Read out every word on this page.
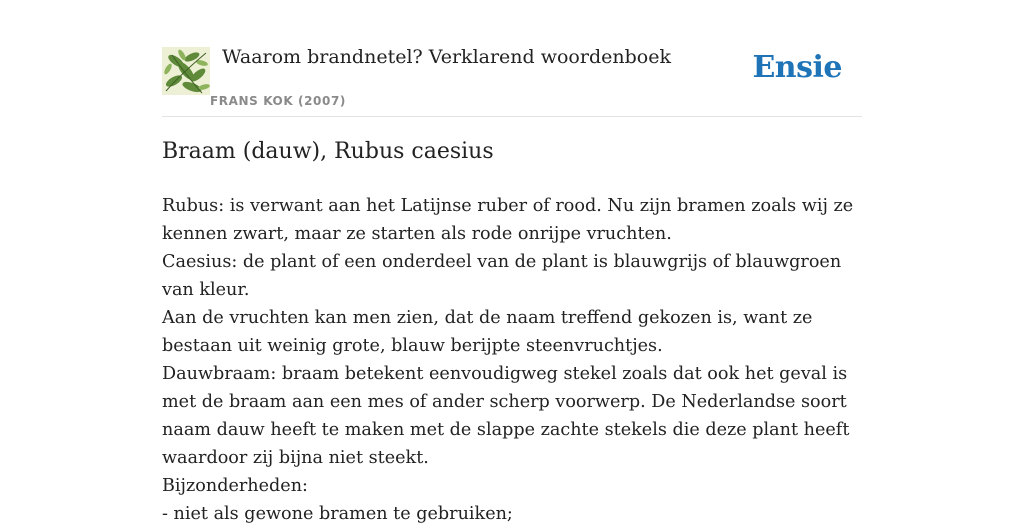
Waarom brandnetel? Verklarend woordenboek
FRANS KOK (2007)
Ensie
Braam (dauw), Rubus caesius

Rubus: is verwant aan het Latijnse ruber of rood. Nu zijn bramen zoals wij ze kennen zwart, maar ze starten als rode onrijpe vruchten.

Caesius: de plant of een onderdeel van de plant is blauwgrijs of blauwgroen van kleur.

Aan de vruchten kan men zien, dat de naam treffend gekozen is, want ze bestaan uit weinig grote, blauw berijpte steenvruchtjes.

Dauwbraam: braam betekent eenvoudigweg stekel zoals dat ook het geval is met de braam aan een mes of ander scherp voorwerp. De Nederlandse soort naam dauw heeft te maken met de slappe zachte stekels die deze plant heeft waardoor zij bijna niet steekt.

Bijzonderheden:

- niet als gewone bramen te gebruiken;
